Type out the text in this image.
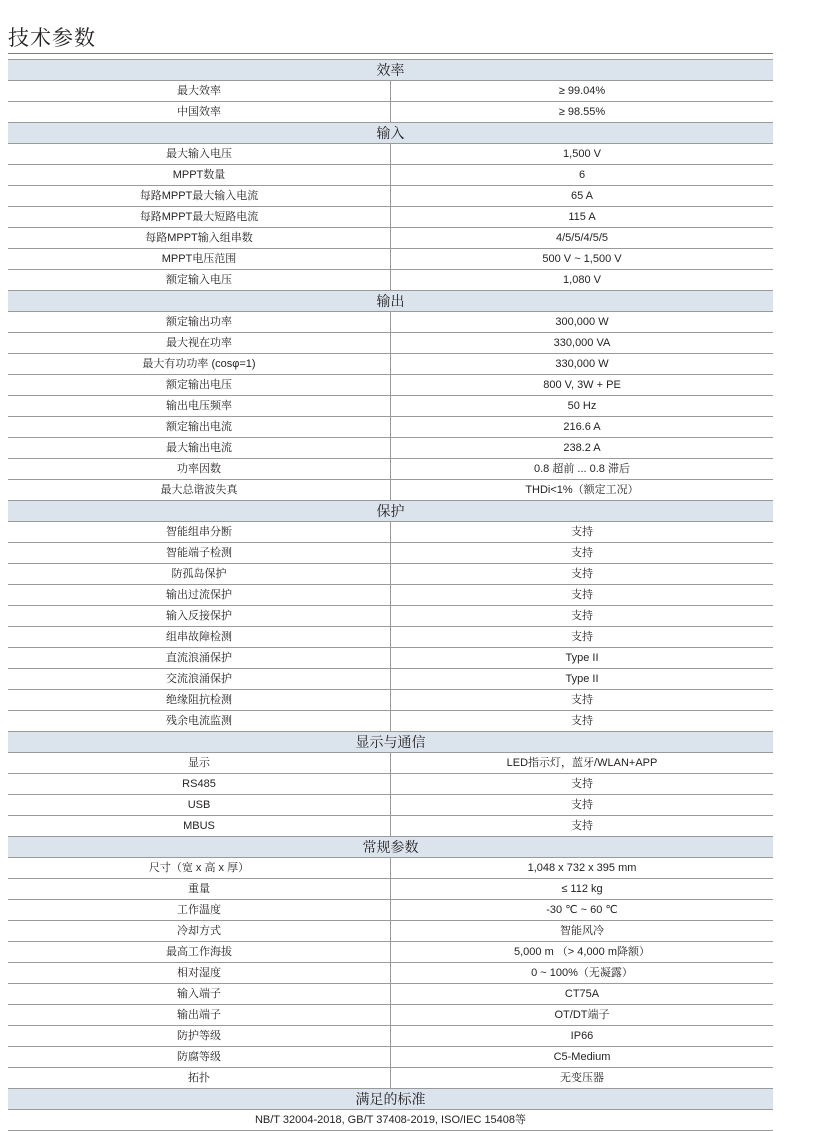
技术参数
效率	
最大效率	≥ 99.04%
中国效率	≥ 98.55%
输入	
最大输入电压	1,500 V
MPPT数量	6
每路MPPT最大输入电流	65 A
每路MPPT最大短路电流	115 A
每路MPPT输入组串数	4/5/5/4/5/5
MPPT电压范围	500 V ~ 1,500 V
额定输入电压	1,080 V
输出	
额定输出功率	300,000 W
最大视在功率	330,000 VA
最大有功功率 (cosφ=1)	330,000 W
额定输出电压	800 V, 3W + PE
输出电压频率	50 Hz
额定输出电流	216.6 A
最大输出电流	238.2 A
功率因数	0.8 超前 ... 0.8 滞后
最大总谐波失真	THDi<1%（额定工况）
保护	
智能组串分断	支持
智能端子检测	支持
防孤岛保护	支持
输出过流保护	支持
输入反接保护	支持
组串故障检测	支持
直流浪涌保护	Type II
交流浪涌保护	Type II
绝缘阻抗检测	支持
残余电流监测	支持
显示与通信	
显示	LED指示灯，蓝牙/WLAN+APP
RS485	支持
USB	支持
MBUS	支持
常规参数	
尺寸（宽 x 高 x 厚）	1,048 x 732 x 395 mm
重量	≤ 112 kg
工作温度	-30 ℃ ~ 60 ℃
冷却方式	智能风冷
最高工作海拔	5,000 m （> 4,000 m降额）
相对湿度	0 ~ 100%（无凝露）
输入端子	CT75A
输出端子	OT/DT端子
防护等级	IP66
防腐等级	C5-Medium
拓扑	无变压器
满足的标准	
NB/T 32004-2018, GB/T 37408-2019, ISO/IEC 15408等	
